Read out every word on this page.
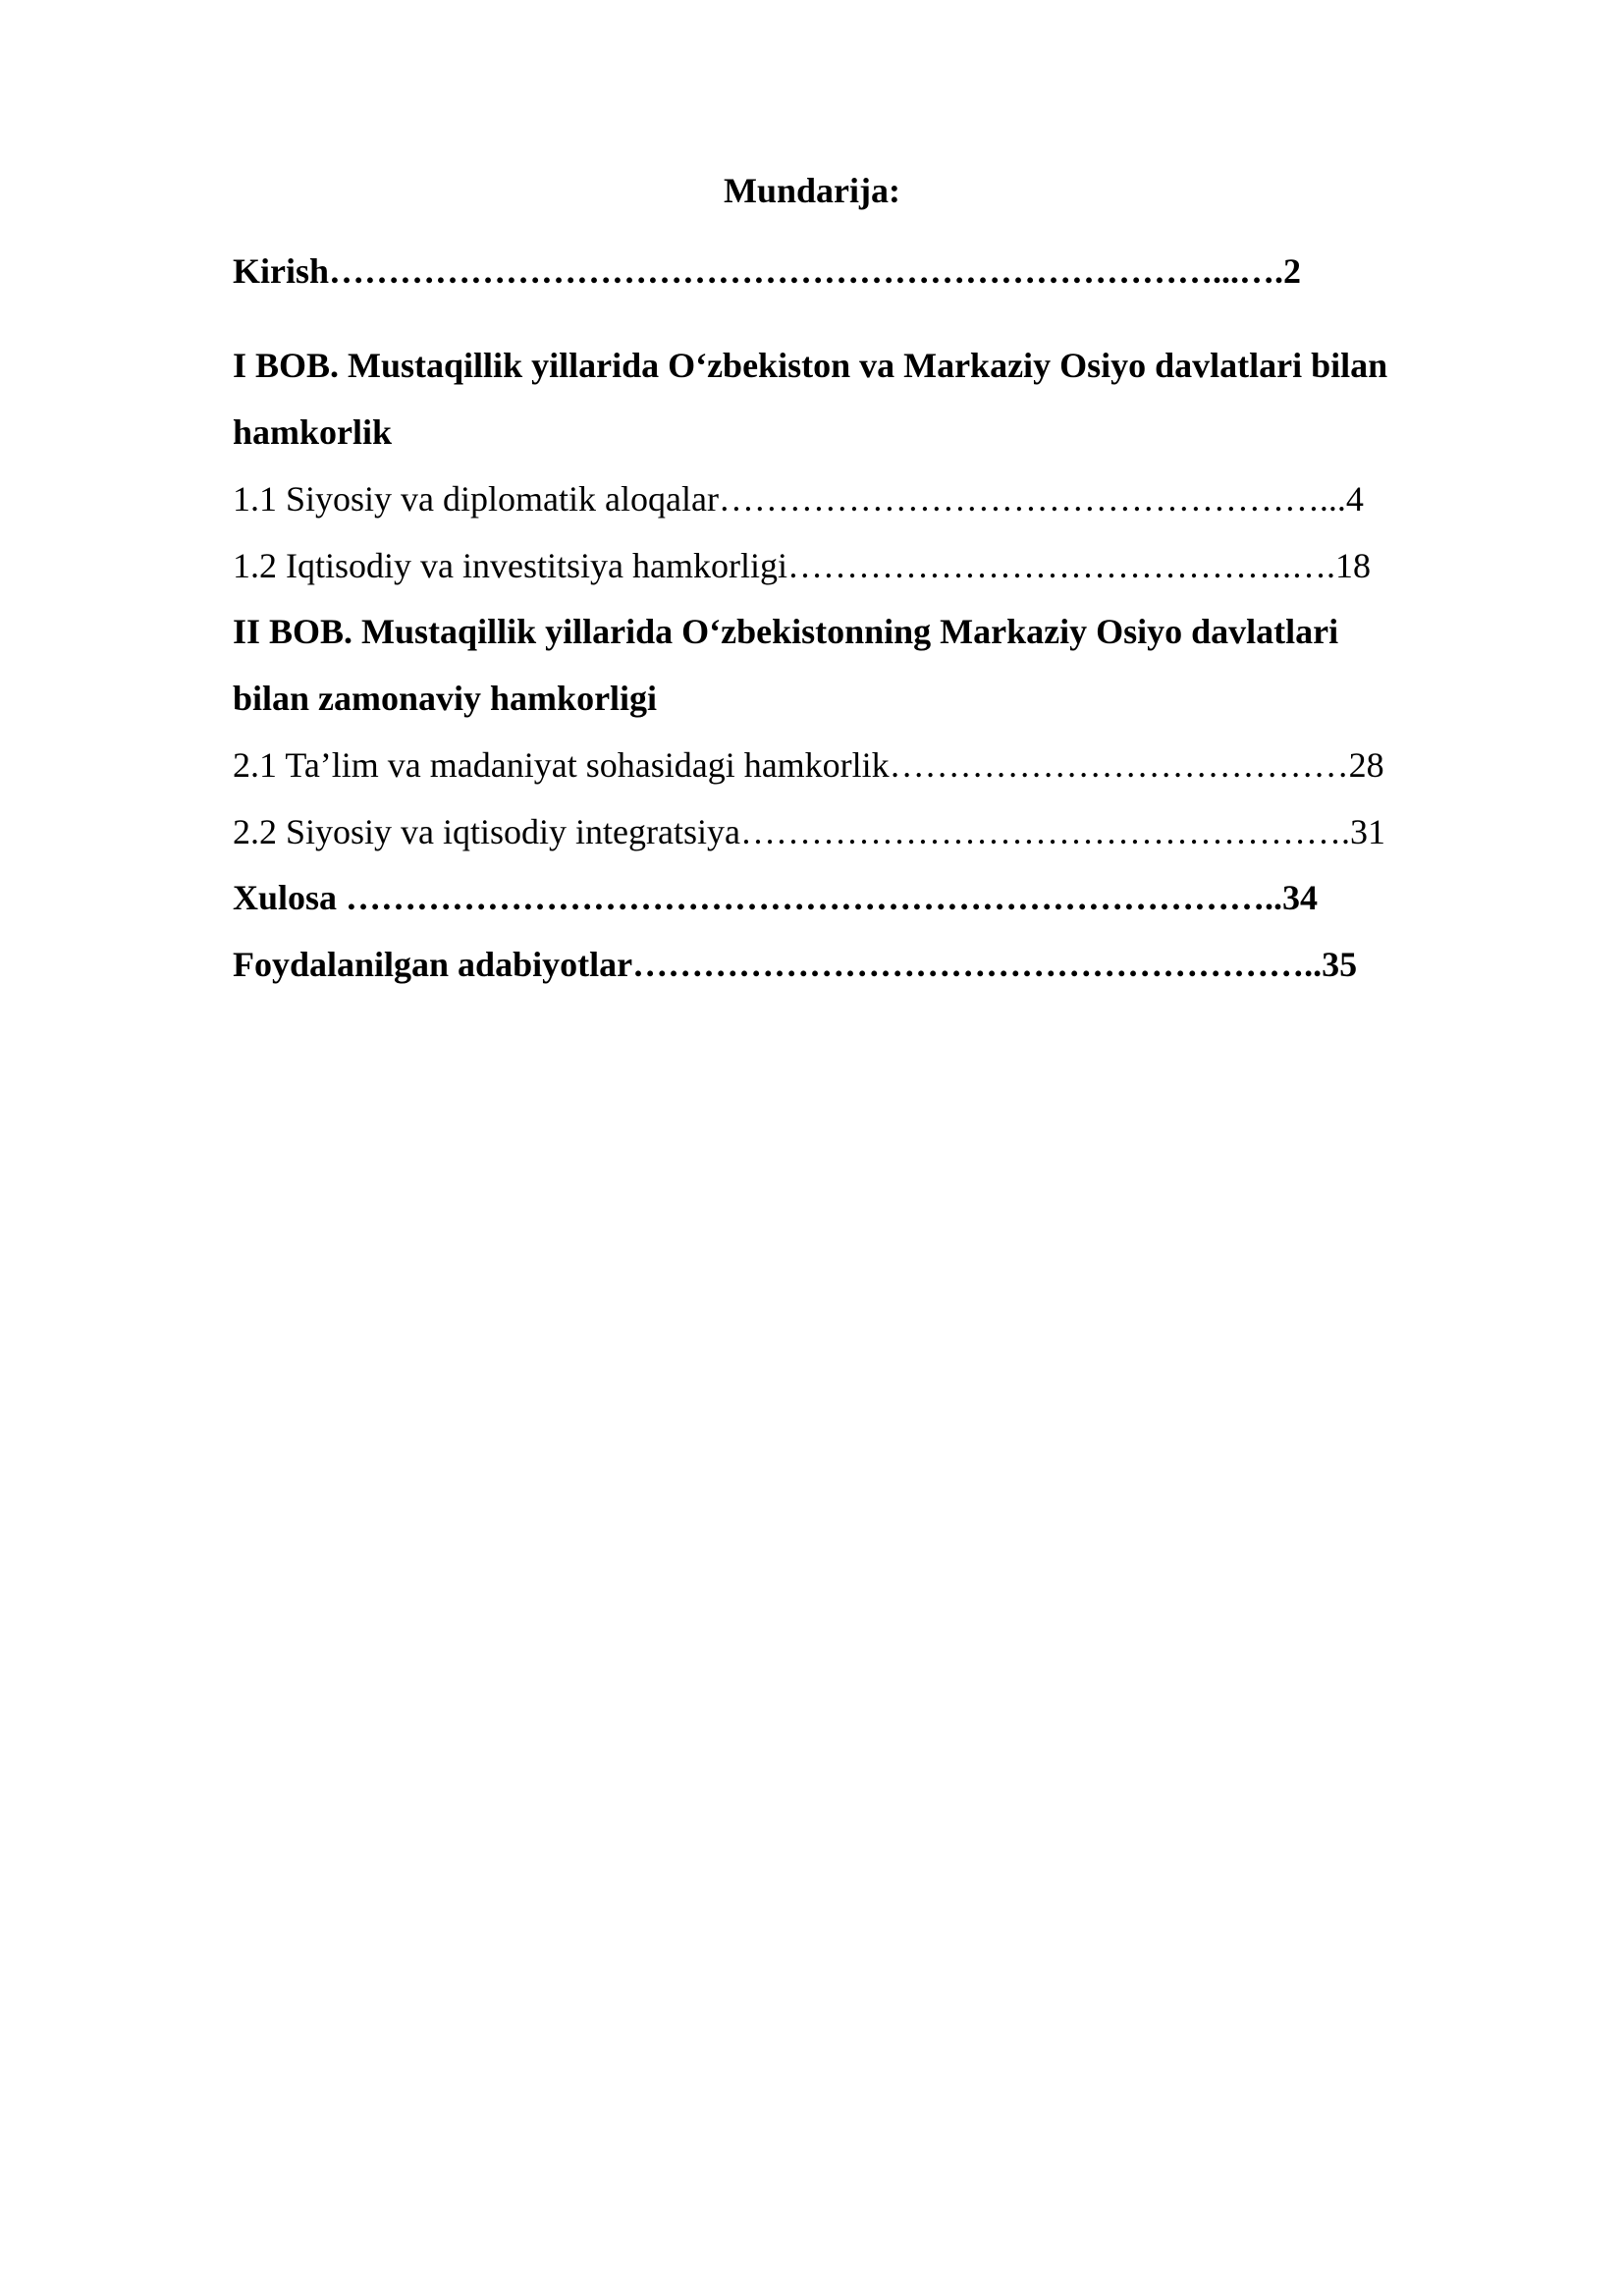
Mundarija:
Kirish…………………………………………………………………...….2
I BOB. Mustaqillik yillarida O‘zbekiston va Markaziy Osiyo davlatlari bilan
hamkorlik
1.1 Siyosiy va diplomatik aloqalar……………………………………………...4
1.2 Iqtisodiy va investitsiya hamkorligi…………………………………….….18
II BOB. Mustaqillik yillarida O‘zbekistonning Markaziy Osiyo davlatlari
bilan zamonaviy hamkorligi
2.1 Ta’lim va madaniyat sohasidagi hamkorlik…………………………………28
2.2 Siyosiy va iqtisodiy integratsiya…………………………………………….31
Xulosa ……………………………………………………………………..34
Foydalanilgan adabiyotlar…………………………………………………..35
